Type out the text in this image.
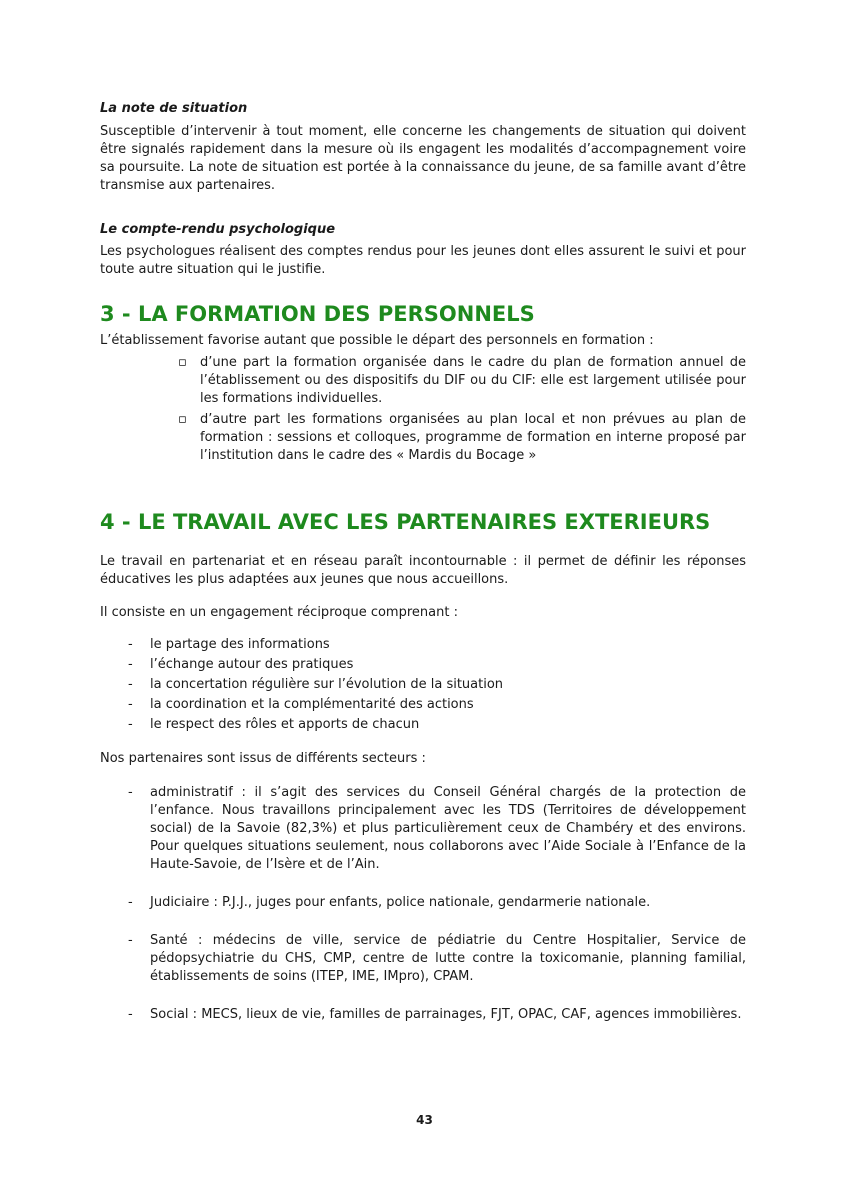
La note de situation

Susceptible d’intervenir à tout moment, elle concerne les changements de situation qui doivent être signalés rapidement dans la mesure où ils engagent les modalités d’accompagnement voire sa poursuite. La note de situation est portée à la connaissance du jeune, de sa famille avant d’être transmise aux partenaires.

Le compte-rendu psychologique

Les psychologues réalisent des comptes rendus pour les jeunes dont elles assurent le suivi et pour toute autre situation qui le justifie.

3 - LA FORMATION DES PERSONNELS

L’établissement favorise autant que possible le départ des personnels en formation :

▫ d’une part la formation organisée dans le cadre du plan de formation annuel de l’établissement ou des dispositifs du DIF ou du CIF: elle est largement utilisée pour les formations individuelles.
▫ d’autre part les formations organisées au plan local et non prévues au plan de formation : sessions et colloques, programme de formation en interne proposé par l’institution dans le cadre des « Mardis du Bocage »
4 - LE TRAVAIL AVEC LES PARTENAIRES EXTERIEURS

Le travail en partenariat et en réseau paraît incontournable : il permet de définir les réponses éducatives les plus adaptées aux jeunes que nous accueillons.

Il consiste en un engagement réciproque comprenant :

- le partage des informations
- l’échange autour des pratiques
- la concertation régulière sur l’évolution de la situation
- la coordination et la complémentarité des actions
- le respect des rôles et apports de chacun

Nos partenaires sont issus de différents secteurs :

- administratif : il s’agit des services du Conseil Général chargés de la protection de l’enfance. Nous travaillons principalement avec les TDS (Territoires de développement social) de la Savoie (82,3%) et plus particulièrement ceux de Chambéry et des environs. Pour quelques situations seulement, nous collaborons avec l’Aide Sociale à l’Enfance de la Haute-Savoie, de l’Isère et de l’Ain.
- Judiciaire : P.J.J., juges pour enfants, police nationale, gendarmerie nationale.
- Santé : médecins de ville, service de pédiatrie du Centre Hospitalier, Service de pédopsychiatrie du CHS, CMP, centre de lutte contre la toxicomanie, planning familial, établissements de soins (ITEP, IME, IMpro), CPAM.
- Social : MECS, lieux de vie, familles de parrainages, FJT, OPAC, CAF, agences immobilières.
43
